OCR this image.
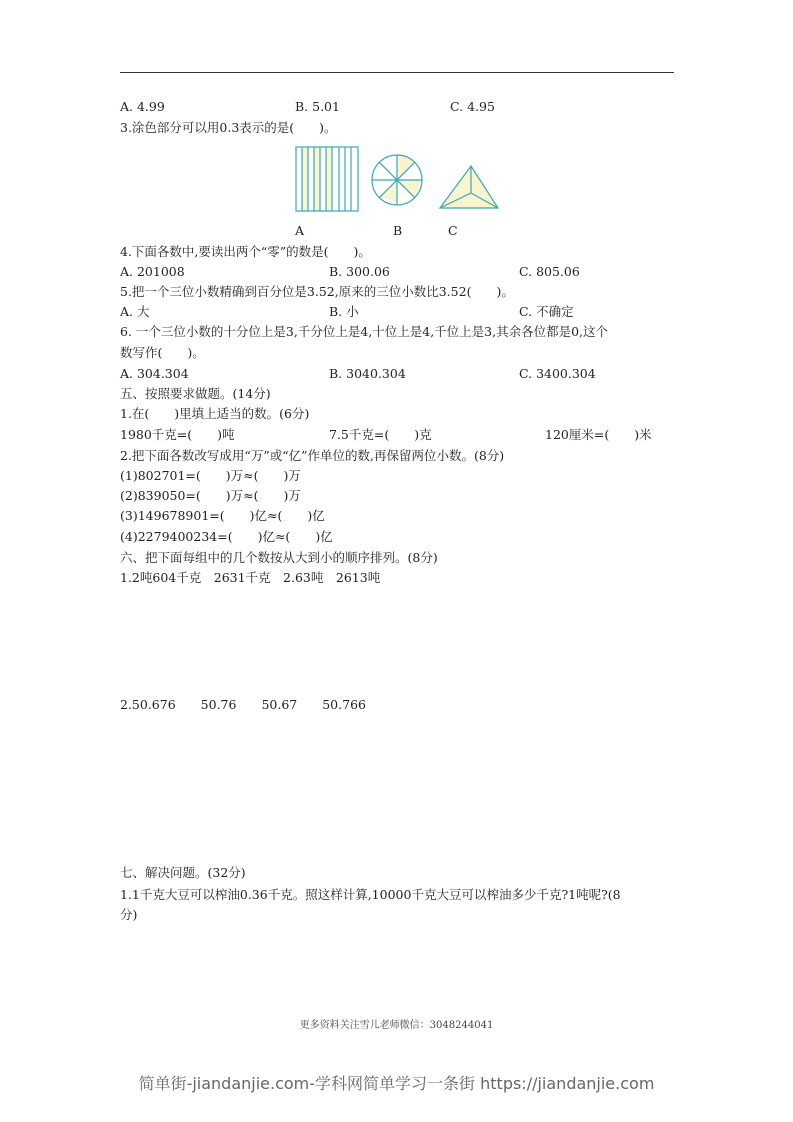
A. 4.99	B. 5.01	C. 4.95
3.涂色部分可以用0.3表示的是(　　)。
A	B	C
4.下面各数中,要读出两个“零”的数是(　　)。
A. 201008	B. 300.06	C. 805.06
5.把一个三位小数精确到百分位是3.52,原来的三位小数比3.52(　　)。
A. 大	B. 小	C. 不确定
6. 一个三位小数的十分位上是3,千分位上是4,十位上是4,千位上是3,其余各位都是0,这个
数写作(　　)。
A. 304.304	B. 3040.304	C. 3400.304
五、按照要求做题。(14分)
1.在(　　)里填上适当的数。(6分)
1980千克=(　　)吨	7.5千克=(　　)克	120厘米=(　　)米
2.把下面各数改写成用“万”或“亿”作单位的数,再保留两位小数。(8分)
(1)802701=(　　)万≈(　　)万
(2)839050=(　　)万≈(　　)万
(3)149678901=(　　)亿≈(　　)亿
(4)2279400234=(　　)亿≈(　　)亿
六、把下面每组中的几个数按从大到小的顺序排列。(8分)
1.2吨604千克　2631千克　2.63吨　2613吨
2.50.676　　50.76　　50.67　　50.766
七、解决问题。(32分)
1.1千克大豆可以榨油0.36千克。照这样计算,10000千克大豆可以榨油多少千克?1吨呢?(8
分)
更多资料关注雪儿老师微信：3048244041
简单街-jiandanjie.com-学科网简单学习一条街 https://jiandanjie.com
